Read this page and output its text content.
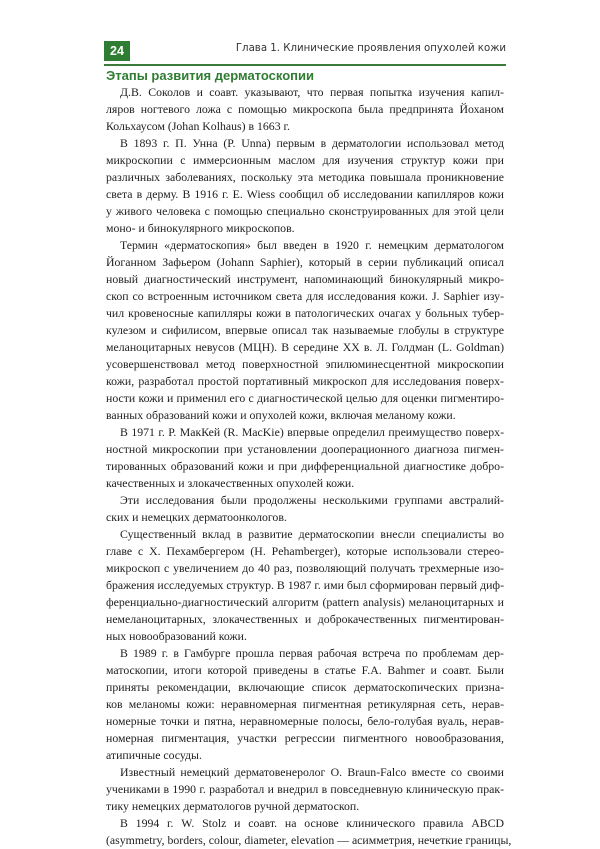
24	Глава 1. Клинические проявления опухолей кожи
Этапы развития дерматоскопии

Д.В. Соколов и соавт. указывают, что первая попытка изучения капил-
ляров ногтевого ложа с помощью микроскопа была предпринята Йоханом
Кольхаусом (Johan Kolhaus) в 1663 г.

В 1893 г. П. Унна (P. Unna) первым в дерматологии использовал метод
микроскопии с иммерсионным маслом для изучения структур кожи при
различных заболеваниях, поскольку эта методика повышала проникновение
света в дерму. В 1916 г. E. Wiess сообщил об исследовании капилляров кожи
у живого человека с помощью специально сконструированных для этой цели
моно- и бинокулярного микроскопов.

Термин «дерматоскопия» был введен в 1920 г. немецким дерматологом
Йоганном Зафьером (Johann Saphier), который в серии публикаций описал
новый диагностический инструмент, напоминающий бинокулярный микро-
скоп со встроенным источником света для исследования кожи. J. Saphier изу-
чил кровеносные капилляры кожи в патологических очагах у больных тубер-
кулезом и сифилисом, впервые описал так называемые глобулы в структуре
меланоцитарных невусов (МЦН). В середине XX в. Л. Голдман (L. Goldman)
усовершенствовал метод поверхностной эпилюминесцентной микроскопии
кожи, разработал простой портативный микроскоп для исследования поверх-
ности кожи и применил его с диагностической целью для оценки пигментиро-
ванных образований кожи и опухолей кожи, включая меланому кожи.

В 1971 г. Р. МакКей (R. MacKie) впервые определил преимущество поверх-
ностной микроскопии при установлении дооперационного диагноза пигмен-
тированных образований кожи и при дифференциальной диагностике добро-
качественных и злокачественных опухолей кожи.

Эти исследования были продолжены несколькими группами австралий-
ских и немецких дерматоонкологов.

Существенный вклад в развитие дерматоскопии внесли специалисты во
главе с Х. Пехамбергером (H. Pehamberger), которые использовали стерео-
микроскоп с увеличением до 40 раз, позволяющий получать трехмерные изо-
бражения исследуемых структур. В 1987 г. ими был сформирован первый диф-
ференциально-диагностический алгоритм (pattern analysis) меланоцитарных и
немеланоцитарных, злокачественных и доброкачественных пигментирован-
ных новообразований кожи.

В 1989 г. в Гамбурге прошла первая рабочая встреча по проблемам дер-
матоскопии, итоги которой приведены в статье F.A. Bahmer и соавт. Были
приняты рекомендации, включающие список дерматоскопических призна-
ков меланомы кожи: неравномерная пигментная ретикулярная сеть, нерав-
номерные точки и пятна, неравномерные полосы, бело-голубая вуаль, нерав-
номерная пигментация, участки регрессии пигментного новообразования,
атипичные сосуды.

Известный немецкий дерматовенеролог O. Braun-Falco вместе со своими
учениками в 1990 г. разработал и внедрил в повседневную клиническую прак-
тику немецких дерматологов ручной дерматоскоп.

В 1994 г. W. Stolz и соавт. на основе клинического правила ABCD
(asymmetry, borders, colour, diameter, elevation — асимметрия, нечеткие границы,
